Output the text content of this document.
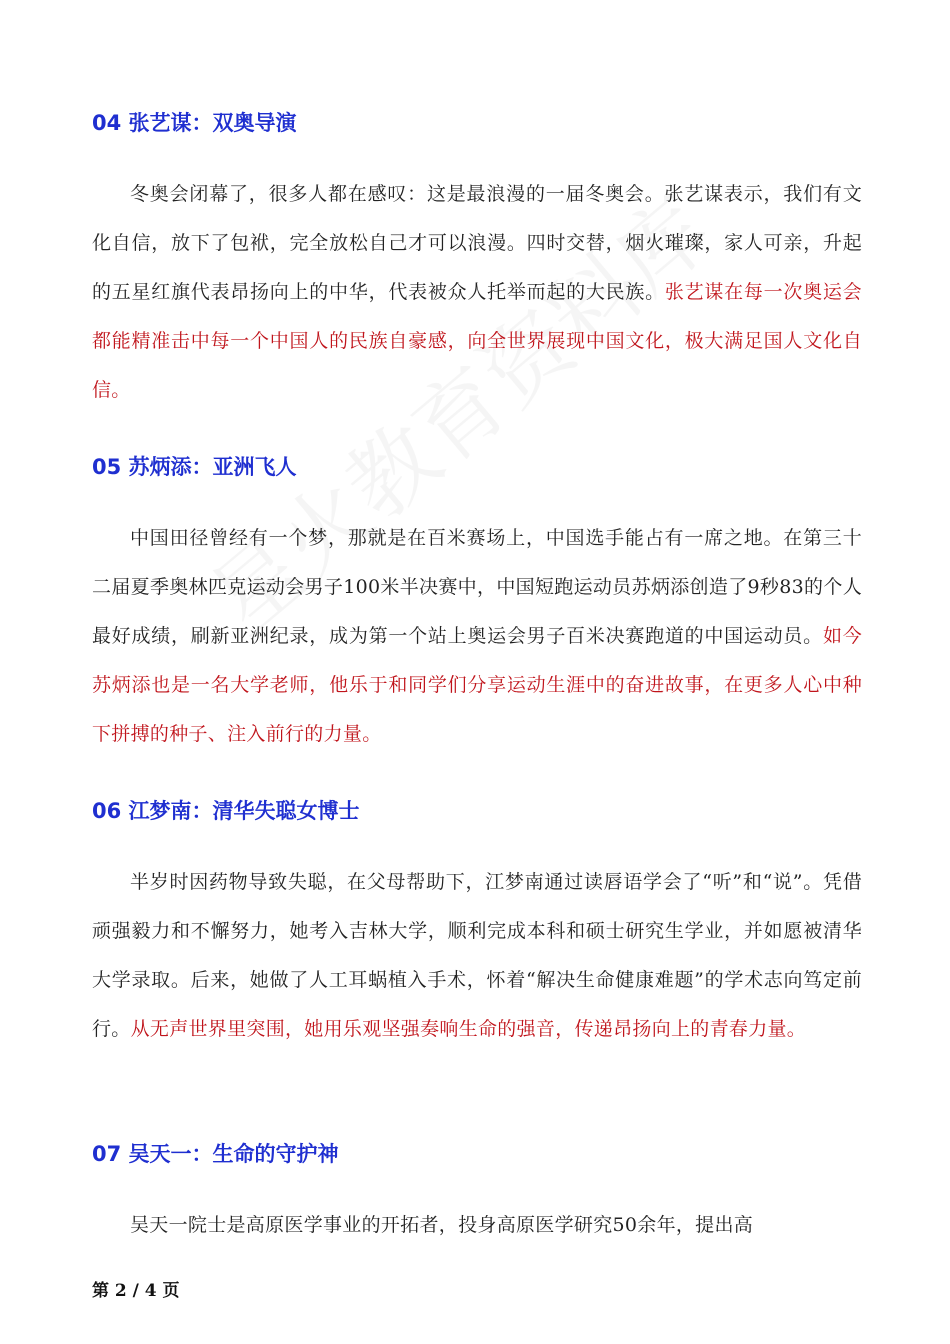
04 张艺谋：双奥导演

冬奥会闭幕了，很多人都在感叹：这是最浪漫的一届冬奥会。张艺谋表示，我们有文化自信，放下了包袱，完全放松自己才可以浪漫。四时交替，烟火璀璨，家人可亲，升起的五星红旗代表昂扬向上的中华，代表被众人托举而起的大民族。张艺谋在每一次奥运会都能精准击中每一个中国人的民族自豪感，向全世界展现中国文化，极大满足国人文化自信。

05 苏炳添：亚洲飞人

中国田径曾经有一个梦，那就是在百米赛场上，中国选手能占有一席之地。在第三十二届夏季奥林匹克运动会男子100米半决赛中，中国短跑运动员苏炳添创造了9秒83的个人最好成绩，刷新亚洲纪录，成为第一个站上奥运会男子百米决赛跑道的中国运动员。如今苏炳添也是一名大学老师，他乐于和同学们分享运动生涯中的奋进故事，在更多人心中种下拼搏的种子、注入前行的力量。

06 江梦南：清华失聪女博士

半岁时因药物导致失聪，在父母帮助下，江梦南通过读唇语学会了“听”和“说”。凭借顽强毅力和不懈努力，她考入吉林大学，顺利完成本科和硕士研究生学业，并如愿被清华大学录取。后来，她做了人工耳蜗植入手术，怀着“解决生命健康难题”的学术志向笃定前行。从无声世界里突围，她用乐观坚强奏响生命的强音，传递昂扬向上的青春力量。

07 吴天一：生命的守护神

吴天一院士是高原医学事业的开拓者，投身高原医学研究50余年，提出高

第 2 / 4 页
